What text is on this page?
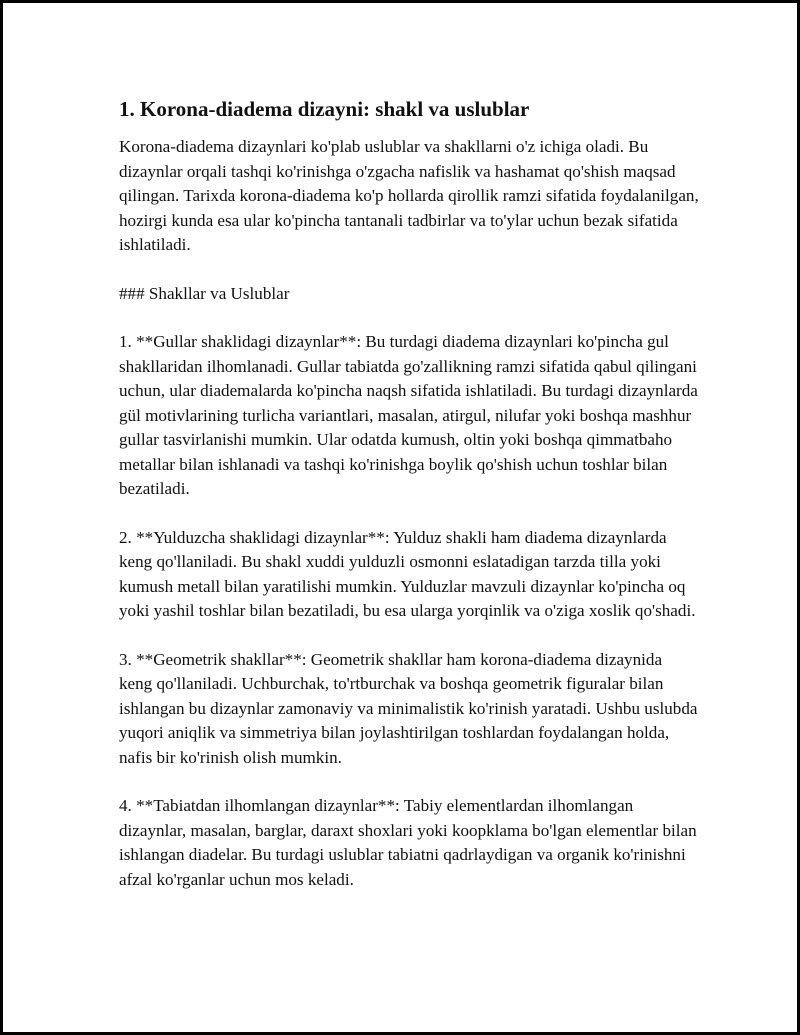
1. Korona-diadema dizayni: shakl va uslublar

Korona-diadema dizaynlari ko'plab uslublar va shakllarni o'z ichiga oladi. Bu dizaynlar orqali tashqi ko'rinishga o'zgacha nafislik va hashamat qo'shish maqsad qilingan. Tarixda korona-diadema ko'p hollarda qirollik ramzi sifatida foydalanilgan, hozirgi kunda esa ular ko'pincha tantanali tadbirlar va to'ylar uchun bezak sifatida ishlatiladi.

### Shakllar va Uslublar

1. **Gullar shaklidagi dizaynlar**: Bu turdagi diadema dizaynlari ko'pincha gul shakllaridan ilhomlanadi. Gullar tabiatda go'zallikning ramzi sifatida qabul qilingani uchun, ular diademalarda ko'pincha naqsh sifatida ishlatiladi. Bu turdagi dizaynlarda gül motivlarining turlicha variantlari, masalan, atirgul, nilufar yoki boshqa mashhur gullar tasvirlanishi mumkin. Ular odatda kumush, oltin yoki boshqa qimmatbaho metallar bilan ishlanadi va tashqi ko'rinishga boylik qo'shish uchun toshlar bilan bezatiladi.

2. **Yulduzcha shaklidagi dizaynlar**: Yulduz shakli ham diadema dizaynlarda keng qo'llaniladi. Bu shakl xuddi yulduzli osmonni eslatadigan tarzda tilla yoki kumush metall bilan yaratilishi mumkin. Yulduzlar mavzuli dizaynlar ko'pincha oq yoki yashil toshlar bilan bezatiladi, bu esa ularga yorqinlik va o'ziga xoslik qo'shadi.

3. **Geometrik shakllar**: Geometrik shakllar ham korona-diadema dizaynida keng qo'llaniladi. Uchburchak, to'rtburchak va boshqa geometrik figuralar bilan ishlangan bu dizaynlar zamonaviy va minimalistik ko'rinish yaratadi. Ushbu uslubda yuqori aniqlik va simmetriya bilan joylashtirilgan toshlardan foydalangan holda, nafis bir ko'rinish olish mumkin.

4. **Tabiatdan ilhomlangan dizaynlar**: Tabiy elementlardan ilhomlangan dizaynlar, masalan, barglar, daraxt shoxlari yoki koopklama bo'lgan elementlar bilan ishlangan diadelar. Bu turdagi uslublar tabiatni qadrlaydigan va organik ko'rinishni afzal ko'rganlar uchun mos keladi.
